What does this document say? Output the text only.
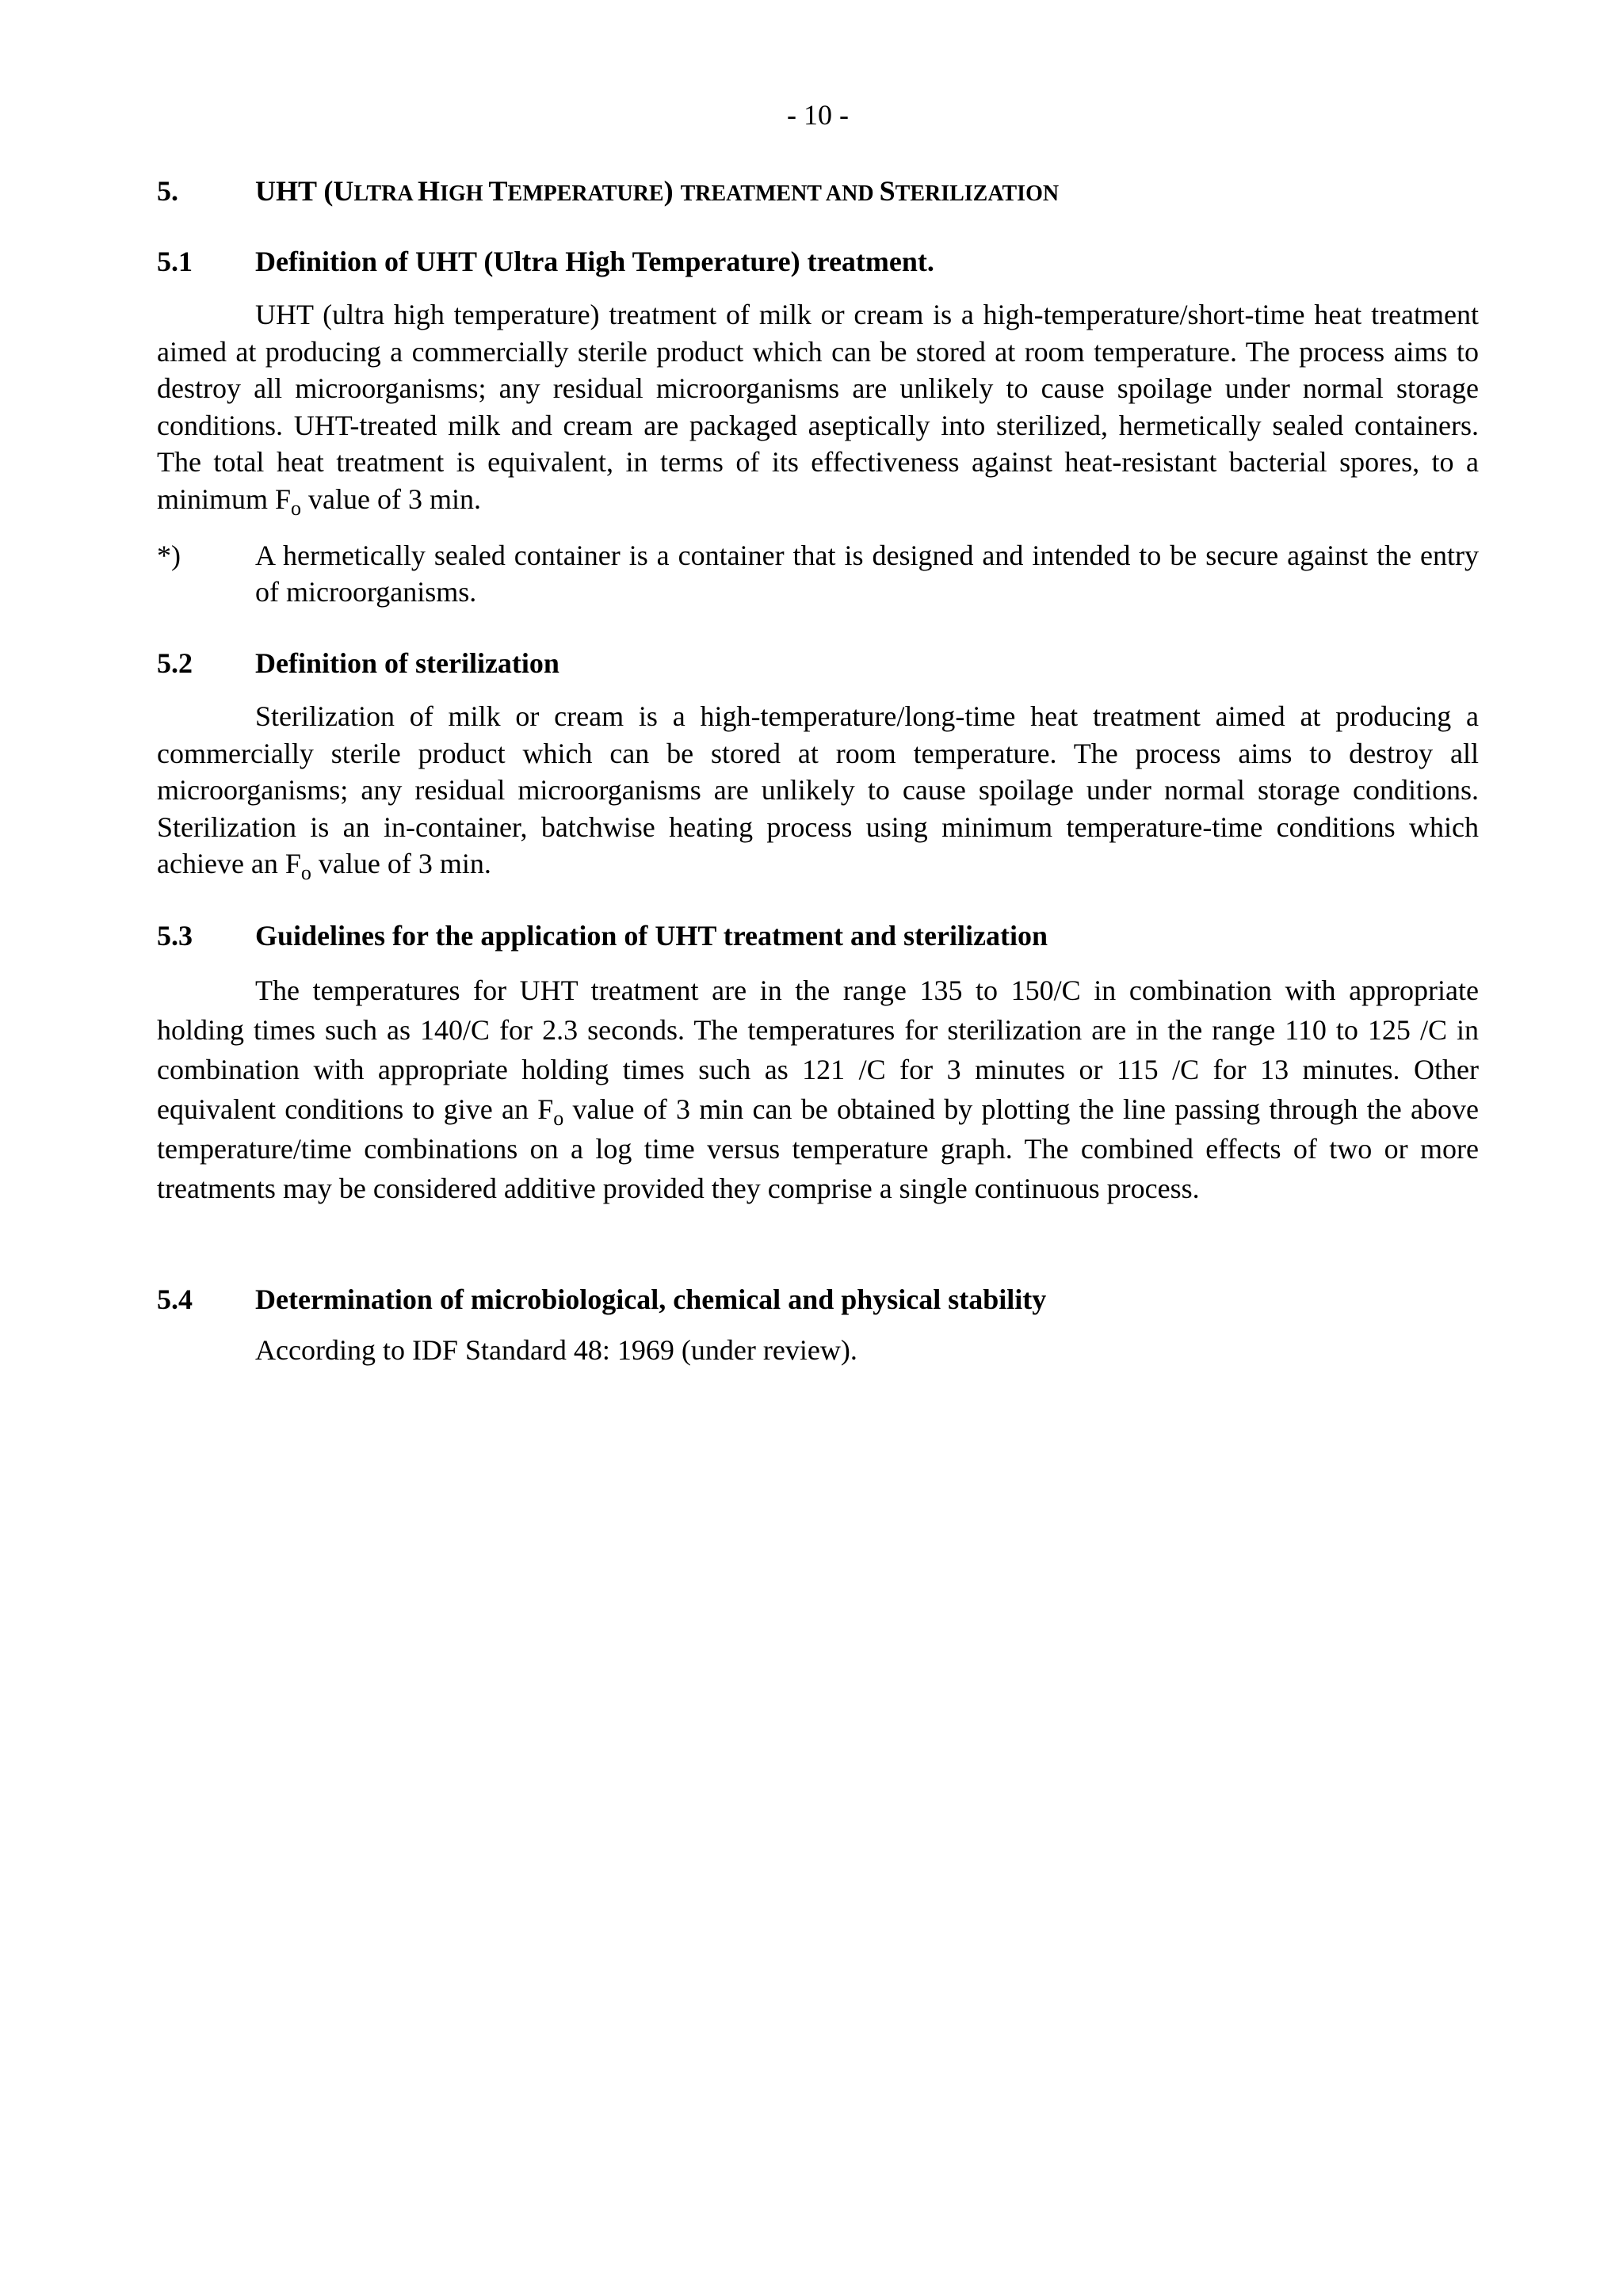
- 10 -
5.	UHT (ULTRA HIGH TEMPERATURE) TREATMENT AND STERILIZATION
5.1 Definition of UHT (Ultra High Temperature) treatment.
UHT (ultra high temperature) treatment of milk or cream is a high-temperature/short-time heat treatment aimed at producing a commercially sterile product which can be stored at room temperature. The process aims to destroy all microorganisms; any residual microorganisms are unlikely to cause spoilage under normal storage conditions. UHT-treated milk and cream are packaged aseptically into sterilized, hermetically sealed containers. The total heat treatment is equivalent, in terms of its effectiveness against heat-resistant bacterial spores, to a minimum $F_o$ value of 3 min.
*)	A hermetically sealed container is a container that is designed and intended to be secure against the entry of microorganisms.
5.2 Definition of sterilization
Sterilization of milk or cream is a high-temperature/long-time heat treatment aimed at producing a commercially sterile product which can be stored at room temperature. The process aims to destroy all microorganisms; any residual microorganisms are unlikely to cause spoilage under normal storage conditions. Sterilization is an in-container, batchwise heating process using minimum temperature-time conditions which achieve an $F_o$ value of 3 min.
5.3 Guidelines for the application of UHT treatment and sterilization
The temperatures for UHT treatment are in the range 135 to 150/C in combination with appropriate holding times such as 140/C for 2.3 seconds. The temperatures for sterilization are in the range 110 to 125 /C in combination with appropriate holding times such as 121 /C for 3 minutes or 115 /C for 13 minutes. Other equivalent conditions to give an $F_o$ value of 3 min can be obtained by plotting the line passing through the above temperature/time combinations on a log time versus temperature graph. The combined effects of two or more treatments may be considered additive provided they comprise a single continuous process.
5.4 Determination of microbiological, chemical and physical stability
According to IDF Standard 48: 1969 (under review).
